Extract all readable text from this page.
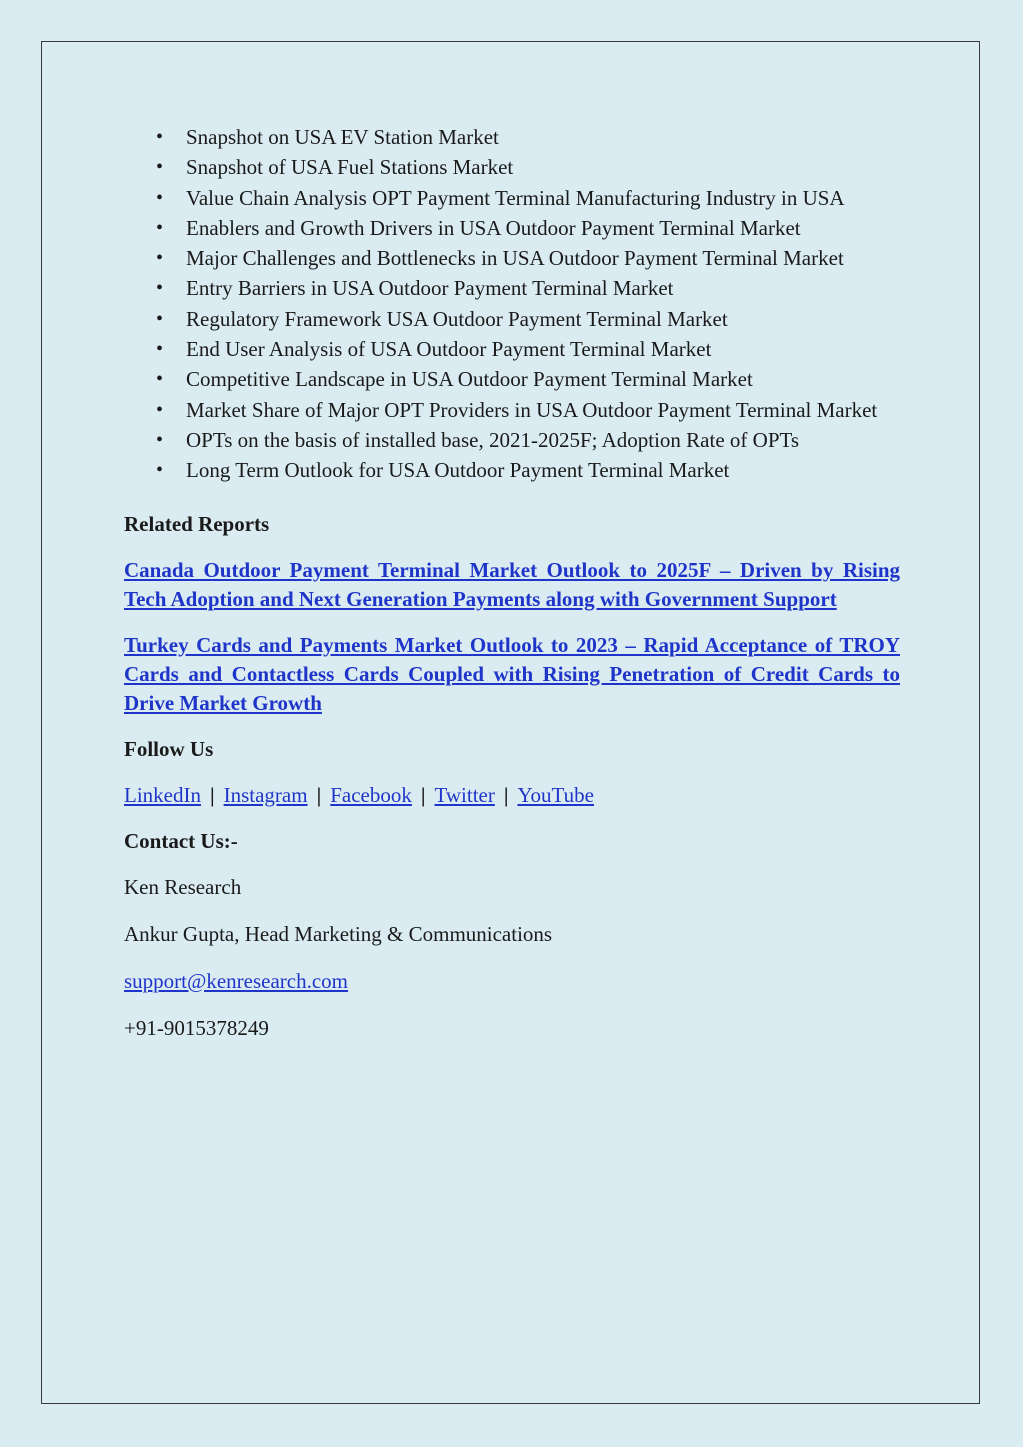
• Snapshot on USA EV Station Market
• Snapshot of USA Fuel Stations Market
• Value Chain Analysis OPT Payment Terminal Manufacturing Industry in USA
• Enablers and Growth Drivers in USA Outdoor Payment Terminal Market
• Major Challenges and Bottlenecks in USA Outdoor Payment Terminal Market
• Entry Barriers in USA Outdoor Payment Terminal Market
• Regulatory Framework USA Outdoor Payment Terminal Market
• End User Analysis of USA Outdoor Payment Terminal Market
• Competitive Landscape in USA Outdoor Payment Terminal Market
• Market Share of Major OPT Providers in USA Outdoor Payment Terminal Market
• OPTs on the basis of installed base, 2021-2025F; Adoption Rate of OPTs
• Long Term Outlook for USA Outdoor Payment Terminal Market

Related Reports

Canada Outdoor Payment Terminal Market Outlook to 2025F – Driven by Rising Tech Adoption and Next Generation Payments along with Government Support
Turkey Cards and Payments Market Outlook to 2023 – Rapid Acceptance of TROY Cards and Contactless Cards Coupled with Rising Penetration of Credit Cards to Drive Market Growth

Follow Us

LinkedIn | Instagram | Facebook | Twitter | YouTube

Contact Us:-

Ken Research

Ankur Gupta, Head Marketing & Communications

support@kenresearch.com

+91-9015378249
